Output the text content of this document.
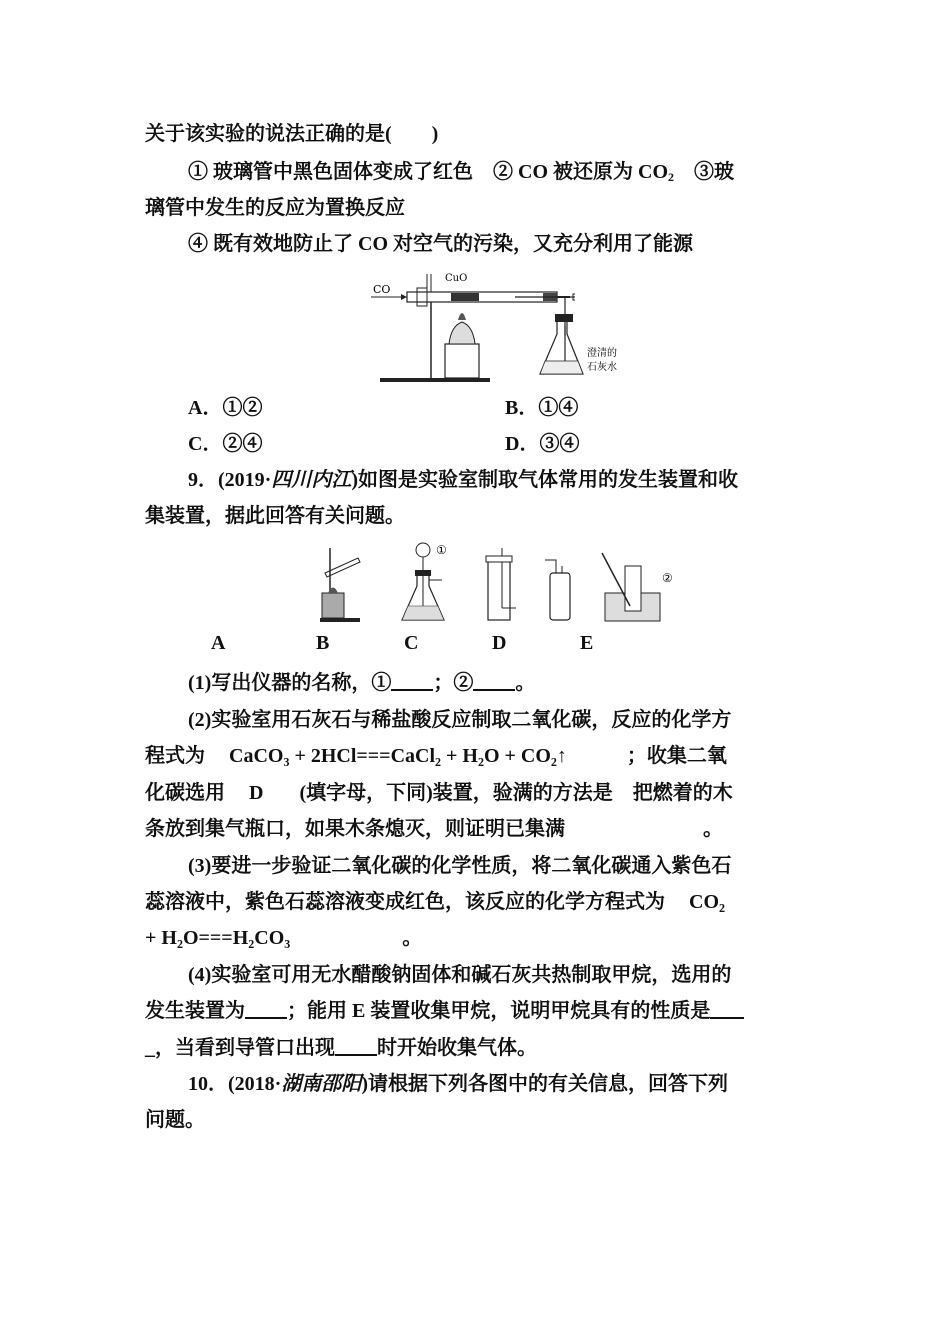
关于该实验的说法正确的是(　　)
① 玻璃管中黑色固体变成了红色　② CO 被还原为 $CO_2$　③玻
璃管中发生的反应为置换反应
④ 既有效地防止了 CO 对空气的污染，又充分利用了能源
CO
CuO
澄清的
石灰水
A．①②	B．①④
C．②④	D．③④
9．(2019·四川内江)如图是实验室制取气体常用的发生装置和收
集装置，据此回答有关问题。
①
②
A	B	C	D	E
(1)写出仪器的名称，① ；② 。
(2)实验室用石灰石与稀盐酸反应制取二氧化碳，反应的化学方
程式为 CaCO₃ + 2HCl===CaCl₂ + H₂O + CO₂↑	；收集二氧
化碳选用 D (填字母，下同)装置，验满的方法是 把燃着的木
条放到集气瓶口，如果木条熄灭，则证明已集满	。
(3)要进一步验证二氧化碳的化学性质，将二氧化碳通入紫色石
蕊溶液中，紫色石蕊溶液变成红色，该反应的化学方程式为 CO₂
+ H₂O===H₂CO₃	。
(4)实验室可用无水醋酸钠固体和碱石灰共热制取甲烷，选用的
发生装置为 ；能用 E 装置收集甲烷，说明甲烷具有的性质是
_，当看到导管口出现 时开始收集气体。
10．(2018·湖南邵阳)请根据下列各图中的有关信息，回答下列
问题。
